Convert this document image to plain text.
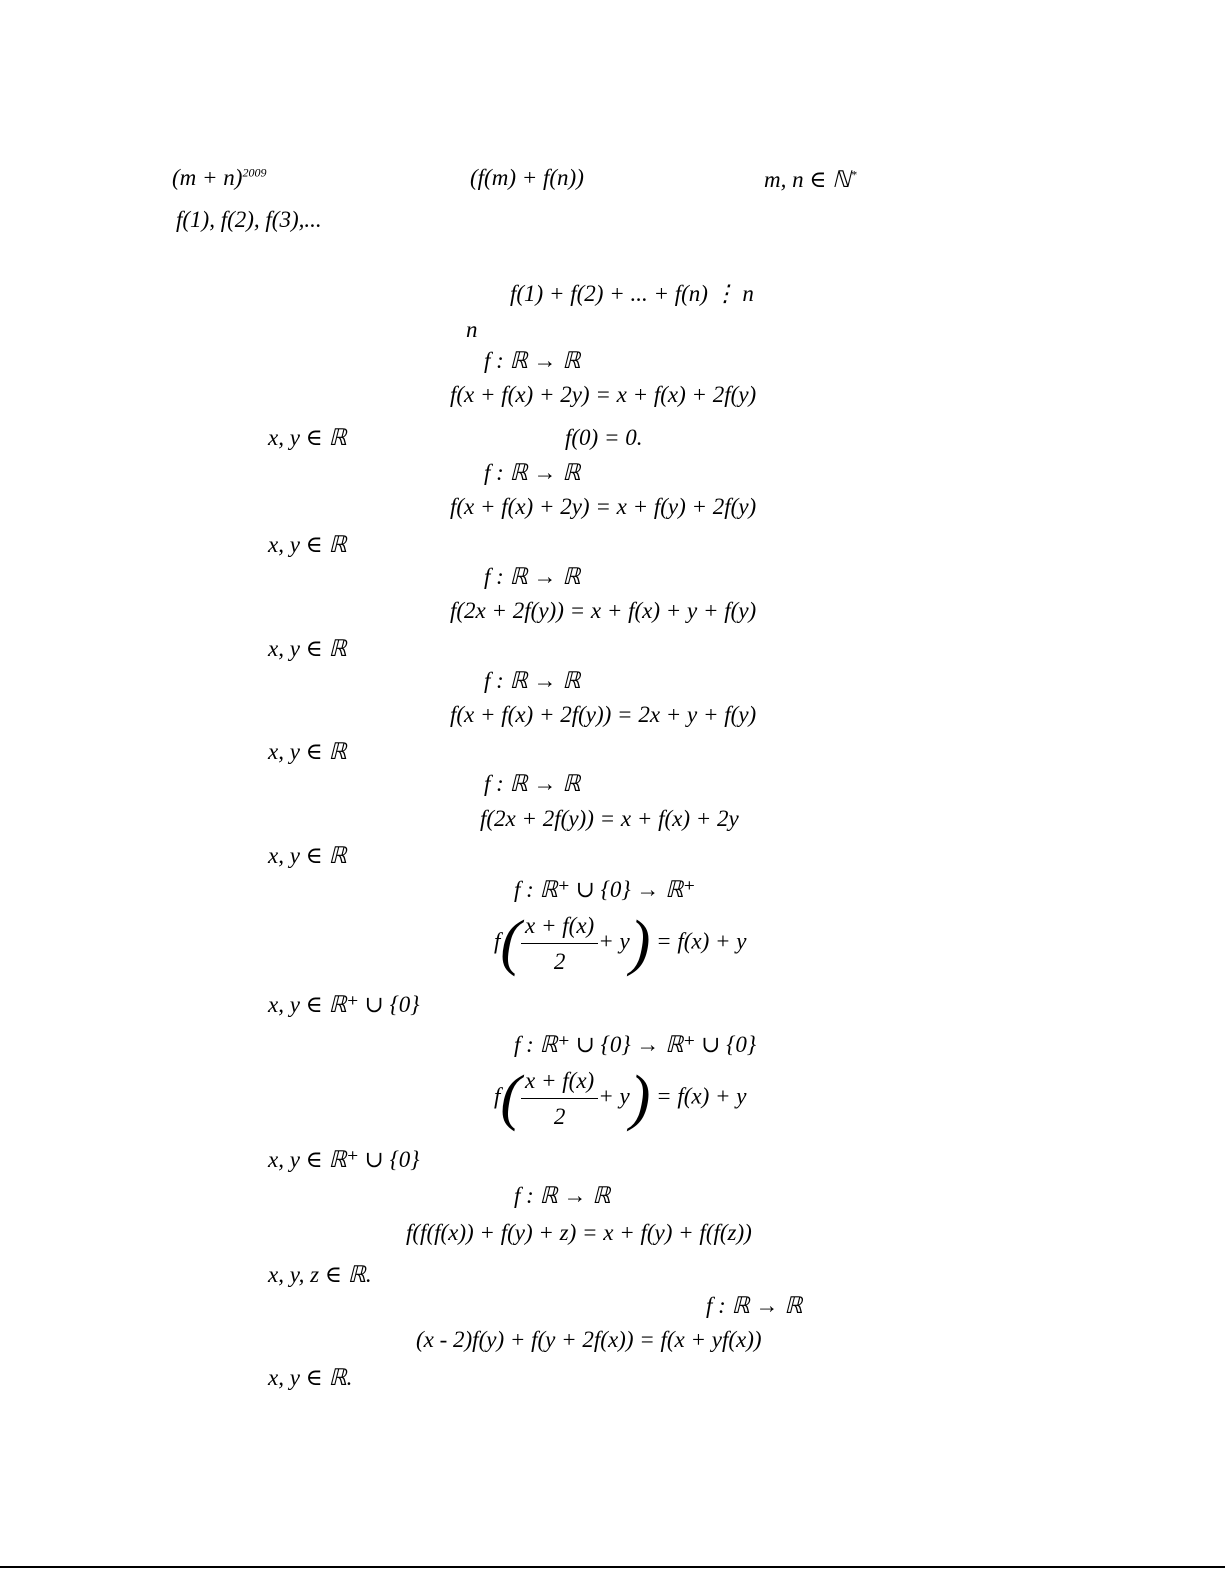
$(m + n)^{2009}$	(f(m) + f(n))	m, n ∈ ℕ*
f(1), f(2), f(3),...
f(1) + f(2) + ... + f(n) ⋮ n
n
f : ℝ → ℝ
f(x + f(x) + 2y) = x + f(x) + 2f(y)
x, y ∈ ℝ	f(0) = 0.
f : ℝ → ℝ
f(x + f(x) + 2y) = x + f(y) + 2f(y)
x, y ∈ ℝ
f : ℝ → ℝ
f(2x + 2f(y)) = x + f(x) + y + f(y)
x, y ∈ ℝ
f : ℝ → ℝ
f(x + f(x) + 2f(y)) = 2x + y + f(y)
x, y ∈ ℝ
f : ℝ → ℝ
f(2x + 2f(y)) = x + f(x) + 2y
x, y ∈ ℝ
f : ℝ⁺ ∪ {0} → ℝ⁺
$f( \frac{x + f(x)}{2} + y) = f(x) + y$
x, y ∈ ℝ⁺ ∪ {0}
f : ℝ⁺ ∪ {0} → ℝ⁺ ∪ {0}
$f( \frac{x + f(x)}{2} + y) = f(x) + y$
x, y ∈ ℝ⁺ ∪ {0}
f : ℝ → ℝ
f(f(f(x)) + f(y) + z) = x + f(y) + f(f(z))
x, y, z ∈ ℝ.
f : ℝ → ℝ
(x - 2)f(y) + f(y + 2f(x)) = f(x + yf(x))
x, y ∈ ℝ.
